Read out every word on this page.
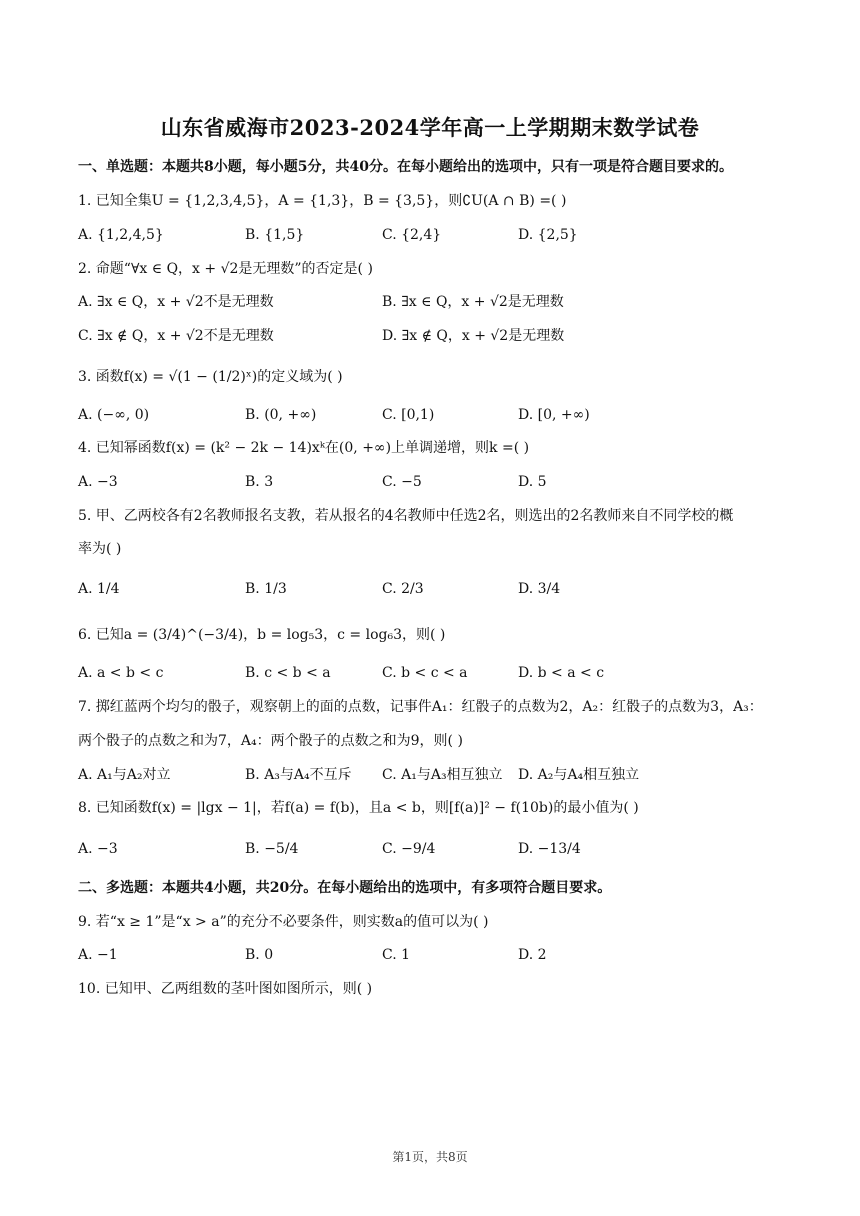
山东省威海市2023-2024学年高一上学期期末数学试卷
一、单选题：本题共8小题，每小题5分，共40分。在每小题给出的选项中，只有一项是符合题目要求的。
1. 已知全集U = {1,2,3,4,5}，A = {1,3}，B = {3,5}，则∁U(A ∩ B) =( )
A. {1,2,4,5}	B. {1,5}	C. {2,4}	D. {2,5}
2. 命题“∀x ∈ Q，x + √2是无理数”的否定是( )
A. ∃x ∈ Q，x + √2不是无理数	B. ∃x ∈ Q，x + √2是无理数
C. ∃x ∉ Q，x + √2不是无理数	D. ∃x ∉ Q，x + √2是无理数
3. 函数f(x) = √(1 − (1/2)ˣ)的定义域为( )
A. (−∞, 0)	B. (0, +∞)	C. [0,1)	D. [0, +∞)
4. 已知幂函数f(x) = (k² − 2k − 14)xᵏ在(0, +∞)上单调递增，则k =( )
A. −3	B. 3	C. −5	D. 5
5. 甲、乙两校各有2名教师报名支教，若从报名的4名教师中任选2名，则选出的2名教师来自不同学校的概
率为( )
A. 1/4	B. 1/3	C. 2/3	D. 3/4
6. 已知a = (3/4)^(−3/4)，b = log₅3，c = log₆3，则( )
A. a < b < c	B. c < b < a	C. b < c < a	D. b < a < c
7. 掷红蓝两个均匀的骰子，观察朝上的面的点数，记事件A₁：红骰子的点数为2，A₂：红骰子的点数为3，A₃：
两个骰子的点数之和为7，A₄：两个骰子的点数之和为9，则( )
A. A₁与A₂对立	B. A₃与A₄不互斥 C. A₁与A₃相互独立 D. A₂与A₄相互独立
8. 已知函数f(x) = |lgx − 1|，若f(a) = f(b)，且a < b，则[f(a)]² − f(10b)的最小值为( )
A. −3	B. −5/4	C. −9/4	D. −13/4
二、多选题：本题共4小题，共20分。在每小题给出的选项中，有多项符合题目要求。
9. 若“x ≥ 1”是“x > a”的充分不必要条件，则实数a的值可以为( )
A. −1	B. 0	C. 1	D. 2
10. 已知甲、乙两组数的茎叶图如图所示，则( )
第1页，共8页
